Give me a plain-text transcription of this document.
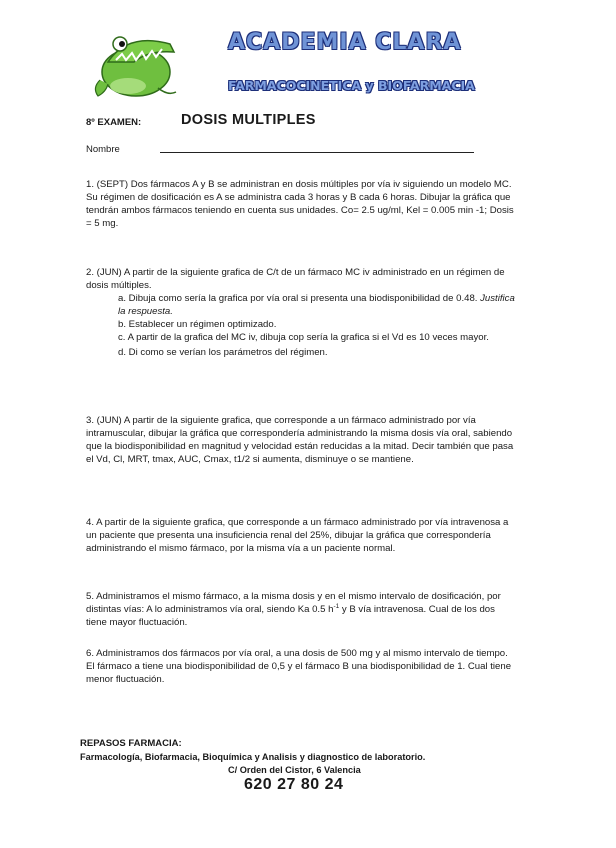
ACADEMIA CLARA
FARMACOCINETICA y BIOFARMACIA
8º EXAMEN:	DOSIS MULTIPLES
Nombre

1. (SEPT) Dos fármacos A y B se administran en dosis múltiples por vía iv siguiendo un modelo MC. Su régimen de dosificación es A se administra cada 3 horas y B cada 6 horas. Dibujar la gráfica que tendrán ambos fármacos teniendo en cuenta sus unidades. Co= 2.5 ug/ml, Kel = 0.005 min -1; Dosis = 5 mg.

2. (JUN) A partir de la siguiente grafica de C/t de un fármaco MC iv administrado en un régimen de dosis múltiples.

a. Dibuja como sería la grafica por vía oral si presenta una biodisponibilidad de 0.48. Justifica la respuesta.

b. Establecer un régimen optimizado.

c. A partir de la grafica del MC iv, dibuja cop sería la grafica si el Vd es 10 veces mayor.

d. Di como se verían los parámetros del régimen.

3. (JUN) A partir de la siguiente grafica, que corresponde a un fármaco administrado por vía intramuscular, dibujar la gráfica que correspondería administrando la misma dosis vía oral, sabiendo que la biodisponibilidad en magnitud y velocidad están reducidas a la mitad. Decir también que pasa el Vd, Cl, MRT, tmax, AUC, Cmax, t1/2 si aumenta, disminuye o se mantiene.

4. A partir de la siguiente grafica, que corresponde a un fármaco administrado por vía intravenosa a un paciente que presenta una insuficiencia renal del 25%, dibujar la gráfica que correspondería administrando el mismo fármaco, por la misma vía a un paciente normal.

5. Administramos el mismo fármaco, a la misma dosis y en el mismo intervalo de dosificación, por distintas vías: A lo administramos vía oral, siendo Ka 0.5 $h^{-1}$ y B vía intravenosa. Cual de los dos tiene mayor fluctuación.

6. Administramos dos fármacos por vía oral, a una dosis de 500 mg y al mismo intervalo de tiempo. El fármaco a tiene una biodisponibilidad de 0,5 y el fármaco B una biodisponibilidad de 1. Cual tiene menor fluctuación.

REPASOS FARMACIA:
Farmacología, Biofarmacia, Bioquímica y Analisis y diagnostico de laboratorio.
C/ Orden del Cistor, 6 Valencia
620 27 80 24
